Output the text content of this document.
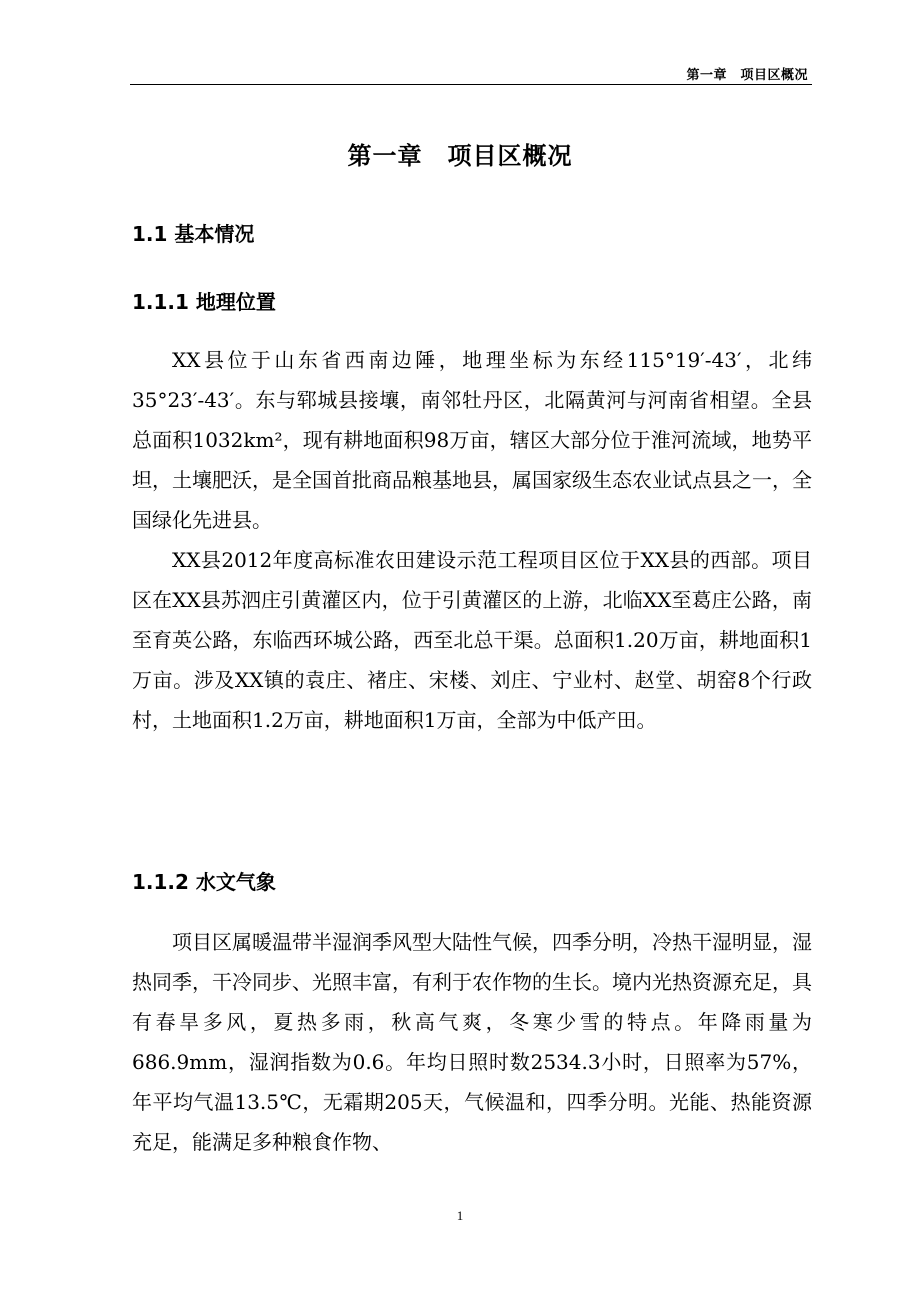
第一章　项目区概况
第一章　项目区概况
1.1 基本情况
1.1.1 地理位置

XX县位于山东省西南边陲，地理坐标为东经115°19′-43′，北纬35°23′-43′。东与郓城县接壤，南邻牡丹区，北隔黄河与河南省相望。全县总面积1032km²，现有耕地面积98万亩，辖区大部分位于淮河流域，地势平坦，土壤肥沃，是全国首批商品粮基地县，属国家级生态农业试点县之一，全国绿化先进县。

XX县2012年度高标准农田建设示范工程项目区位于XX县的西部。项目区在XX县苏泗庄引黄灌区内，位于引黄灌区的上游，北临XX至葛庄公路，南至育英公路，东临西环城公路，西至北总干渠。总面积1.20万亩，耕地面积1万亩。涉及XX镇的袁庄、褚庄、宋楼、刘庄、宁业村、赵堂、胡窑8个行政村，土地面积1.2万亩，耕地面积1万亩，全部为中低产田。

1.1.2 水文气象

项目区属暖温带半湿润季风型大陆性气候，四季分明，冷热干湿明显，湿热同季，干冷同步、光照丰富，有利于农作物的生长。境内光热资源充足，具有春旱多风，夏热多雨，秋高气爽，冬寒少雪的特点。年降雨量为686.9mm，湿润指数为0.6。年均日照时数2534.3小时，日照率为57%，年平均气温13.5℃，无霜期205天，气候温和，四季分明。光能、热能资源充足，能满足多种粮食作物、

1
